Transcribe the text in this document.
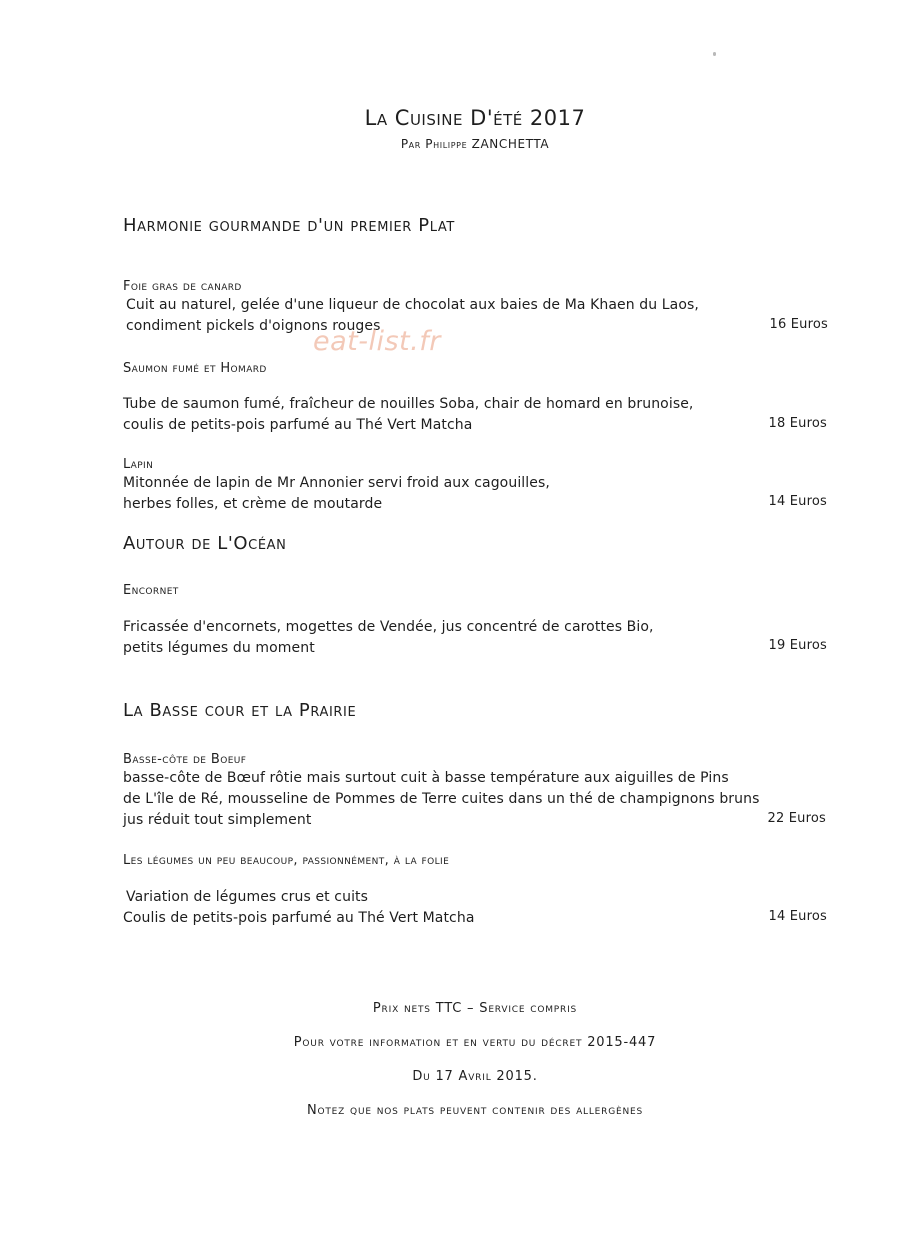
La Cuisine D'été 2017
Par Philippe ZANCHETTA
Harmonie gourmande d'un premier Plat
Foie gras de canard
Cuit au naturel, gelée d'une liqueur de chocolat aux baies de Ma Khaen du Laos,
condiment pickels d'oignons rouges	16 Euros
eat-list.fr
Saumon fumé et Homard
Tube de saumon fumé, fraîcheur de nouilles Soba, chair de homard en brunoise,
coulis de petits-pois parfumé au Thé Vert Matcha	18 Euros
Lapin
Mitonnée de lapin de Mr Annonier servi froid aux cagouilles,
herbes folles, et crème de moutarde	14 Euros
Autour de L'Océan
Encornet
Fricassée d'encornets, mogettes de Vendée, jus concentré de carottes Bio,
petits légumes du moment	19 Euros
La Basse cour et la Prairie
Basse-côte de Boeuf
basse-côte de Bœuf rôtie mais surtout cuit à basse température aux aiguilles de Pins
de L'île de Ré, mousseline de Pommes de Terre cuites dans un thé de champignons bruns
jus réduit tout simplement	22 Euros
Les légumes un peu beaucoup, passionnément, à la folie
Variation de légumes crus et cuits
Coulis de petits-pois parfumé au Thé Vert Matcha	14 Euros
Prix nets TTC – Service compris
Pour votre information et en vertu du décret 2015-447
Du 17 Avril 2015.
Notez que nos plats peuvent contenir des allergènes
